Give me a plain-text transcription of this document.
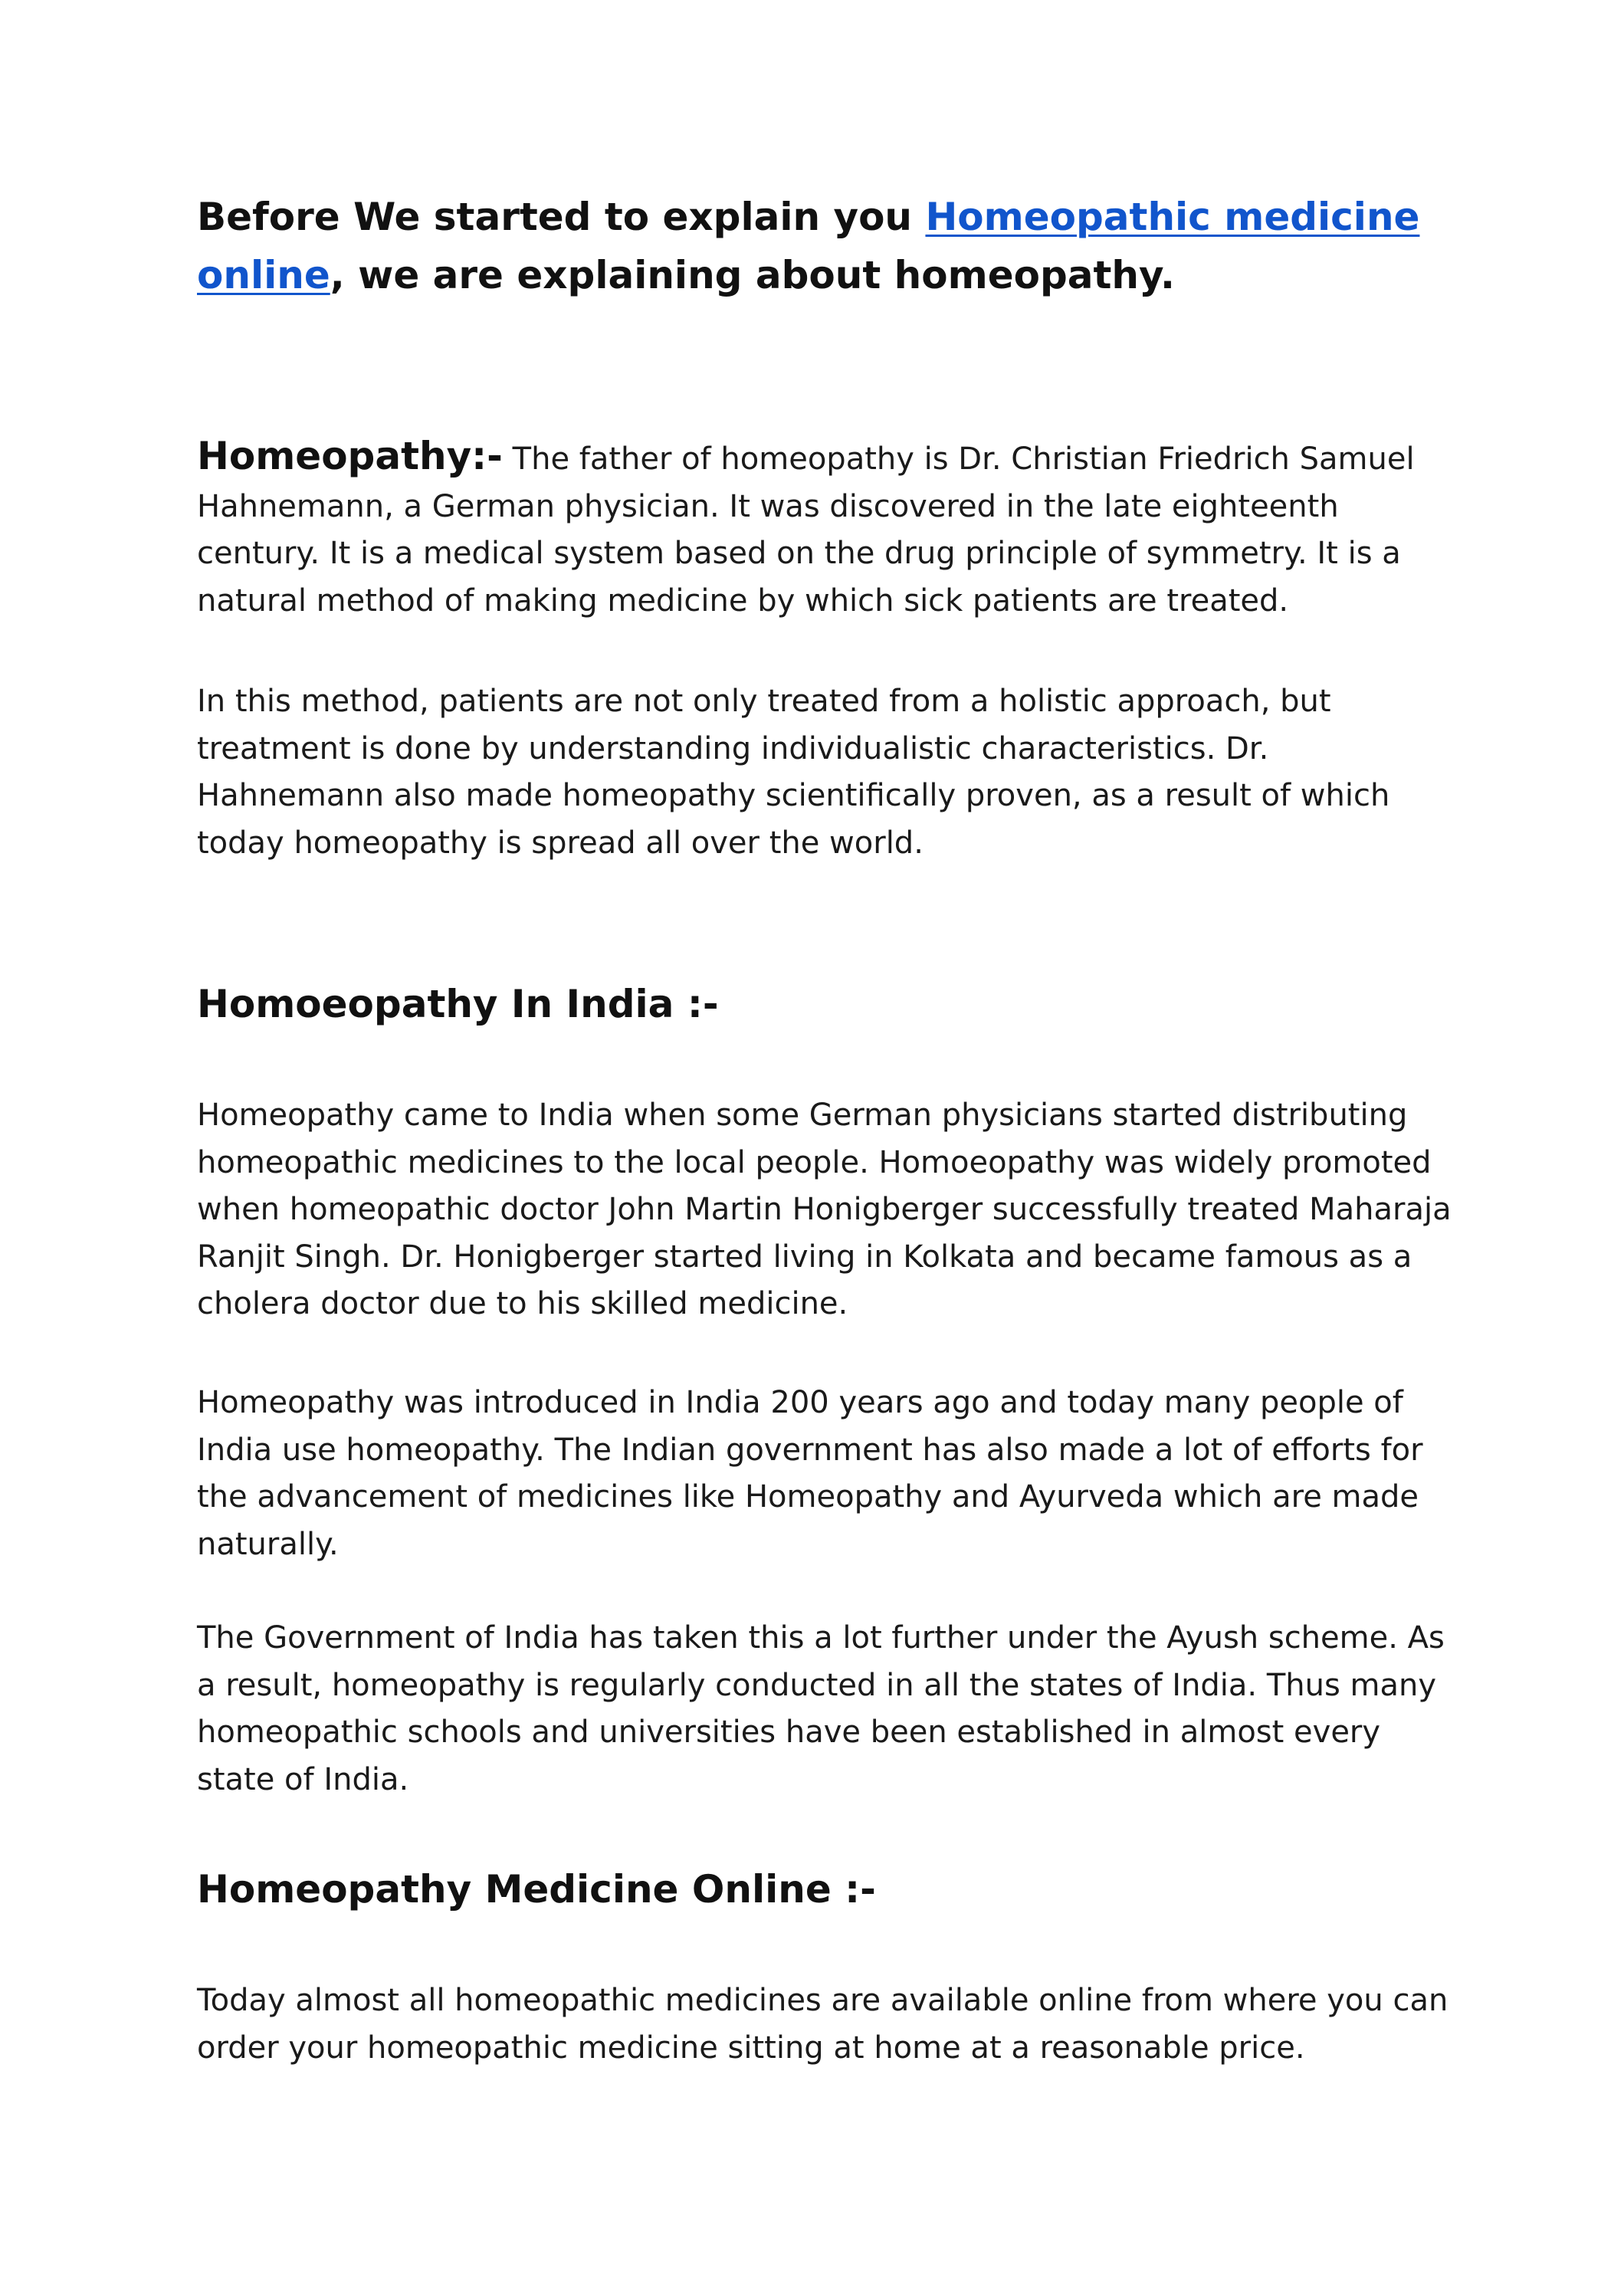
Before We started to explain you Homeopathic medicine online, we are explaining about homeopathy.

Homeopathy:- The father of homeopathy is Dr. Christian Friedrich Samuel Hahnemann, a German physician. It was discovered in the late eighteenth century. It is a medical system based on the drug principle of symmetry. It is a natural method of making medicine by which sick patients are treated.

In this method, patients are not only treated from a holistic approach, but treatment is done by understanding individualistic characteristics. Dr. Hahnemann also made homeopathy scientifically proven, as a result of which today homeopathy is spread all over the world.

Homoeopathy In India :-

Homeopathy came to India when some German physicians started distributing homeopathic medicines to the local people. Homoeopathy was widely promoted when homeopathic doctor John Martin Honigberger successfully treated Maharaja Ranjit Singh. Dr. Honigberger started living in Kolkata and became famous as a cholera doctor due to his skilled medicine.

Homeopathy was introduced in India 200 years ago and today many people of India use homeopathy. The Indian government has also made a lot of efforts for the advancement of medicines like Homeopathy and Ayurveda which are made naturally.

The Government of India has taken this a lot further under the Ayush scheme. As a result, homeopathy is regularly conducted in all the states of India. Thus many homeopathic schools and universities have been established in almost every state of India.

Homeopathy Medicine Online :-

Today almost all homeopathic medicines are available online from where you can order your homeopathic medicine sitting at home at a reasonable price.
